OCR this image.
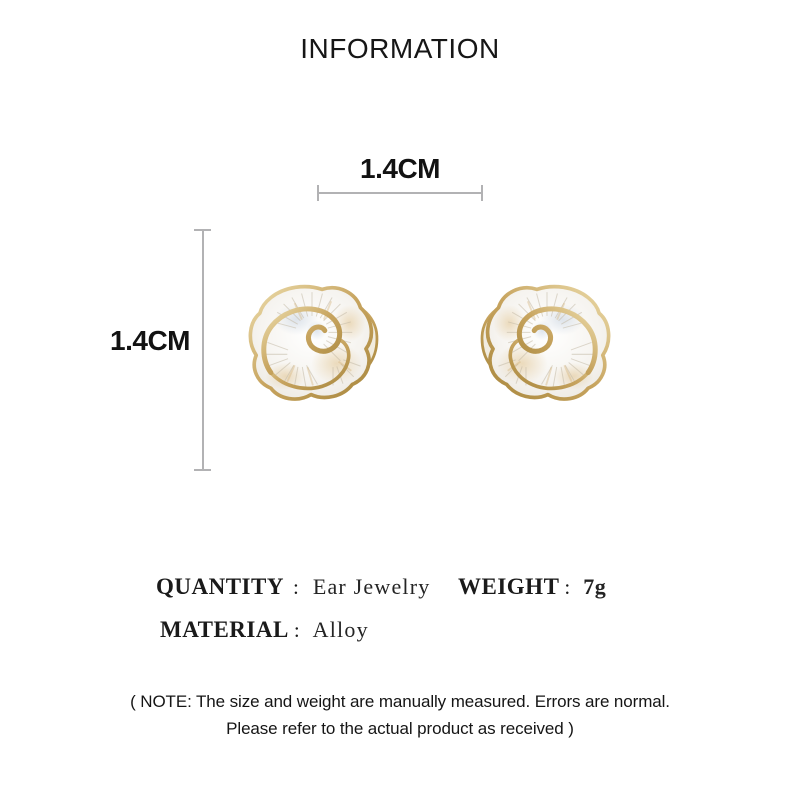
INFORMATION
1.4CM
1.4CM
QUANTITY : Ear Jewelry WEIGHT : 7g
MATERIAL : Alloy
( NOTE: The size and weight are manually measured. Errors are normal.
Please refer to the actual product as received )
